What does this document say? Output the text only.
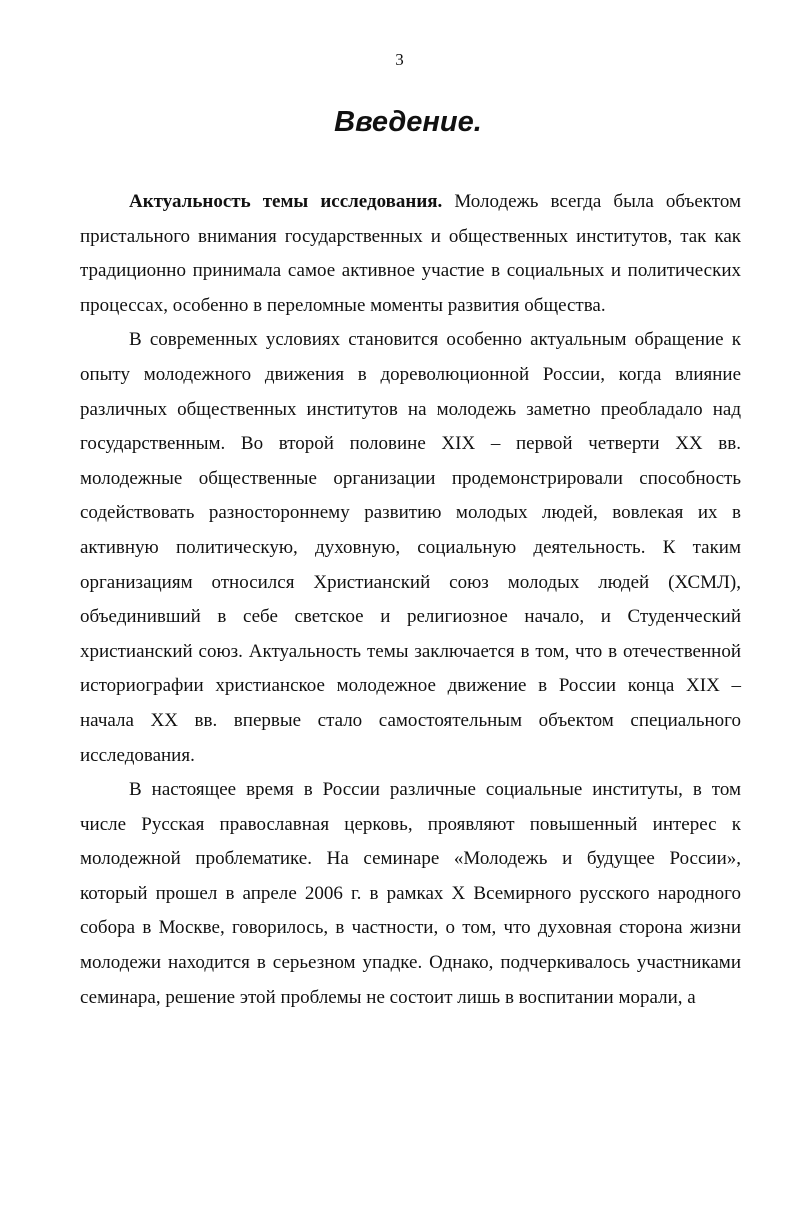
3
Введение.

Актуальность темы исследования. Молодежь всегда была объектом пристального внимания государственных и общественных институтов, так как традиционно принимала самое активное участие в социальных и политических процессах, особенно в переломные моменты развития общества.

В современных условиях становится особенно актуальным обращение к опыту молодежного движения в дореволюционной России, когда влияние различных общественных институтов на молодежь заметно преобладало над государственным. Во второй половине XIX – первой четверти XX вв. молодежные общественные организации продемонстрировали способность содействовать разностороннему развитию молодых людей, вовлекая их в активную политическую, духовную, социальную деятельность. К таким организациям относился Христианский союз молодых людей (ХСМЛ), объединивший в себе светское и религиозное начало, и Студенческий христианский союз. Актуальность темы заключается в том, что в отечественной историографии христианское молодежное движение в России конца XIX – начала XX вв. впервые стало самостоятельным объектом специального исследования.

В настоящее время в России различные социальные институты, в том числе Русская православная церковь, проявляют повышенный интерес к молодежной проблематике. На семинаре «Молодежь и будущее России», который прошел в апреле 2006 г. в рамках X Всемирного русского народного собора в Москве, говорилось, в частности, о том, что духовная сторона жизни молодежи находится в серьезном упадке. Однако, подчеркивалось участниками семинара, решение этой проблемы не состоит лишь в воспитании морали, а
